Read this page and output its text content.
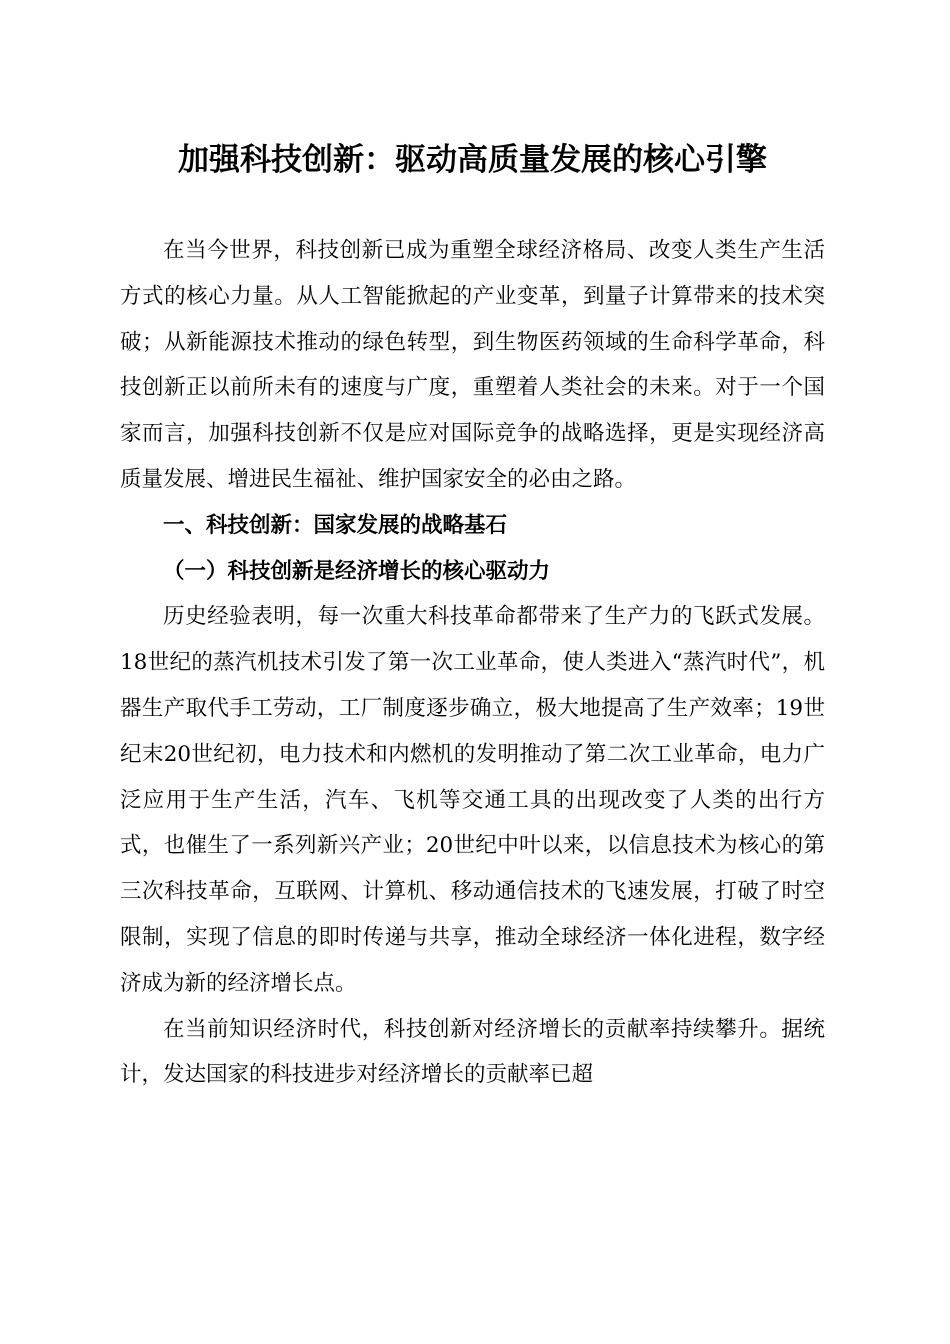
加强科技创新：驱动高质量发展的核心引擎

在当今世界，科技创新已成为重塑全球经济格局、改变人类生产生活方式的核心力量。从人工智能掀起的产业变革，到量子计算带来的技术突破；从新能源技术推动的绿色转型，到生物医药领域的生命科学革命，科技创新正以前所未有的速度与广度，重塑着人类社会的未来。对于一个国家而言，加强科技创新不仅是应对国际竞争的战略选择，更是实现经济高质量发展、增进民生福祉、维护国家安全的必由之路。

一、科技创新：国家发展的战略基石

（一）科技创新是经济增长的核心驱动力

历史经验表明，每一次重大科技革命都带来了生产力的飞跃式发展。18世纪的蒸汽机技术引发了第一次工业革命，使人类进入“蒸汽时代”，机器生产取代手工劳动，工厂制度逐步确立，极大地提高了生产效率；19世纪末20世纪初，电力技术和内燃机的发明推动了第二次工业革命，电力广泛应用于生产生活，汽车、飞机等交通工具的出现改变了人类的出行方式，也催生了一系列新兴产业；20世纪中叶以来，以信息技术为核心的第三次科技革命，互联网、计算机、移动通信技术的飞速发展，打破了时空限制，实现了信息的即时传递与共享，推动全球经济一体化进程，数字经济成为新的经济增长点。

在当前知识经济时代，科技创新对经济增长的贡献率持续攀升。据统计，发达国家的科技进步对经济增长的贡献率已超
